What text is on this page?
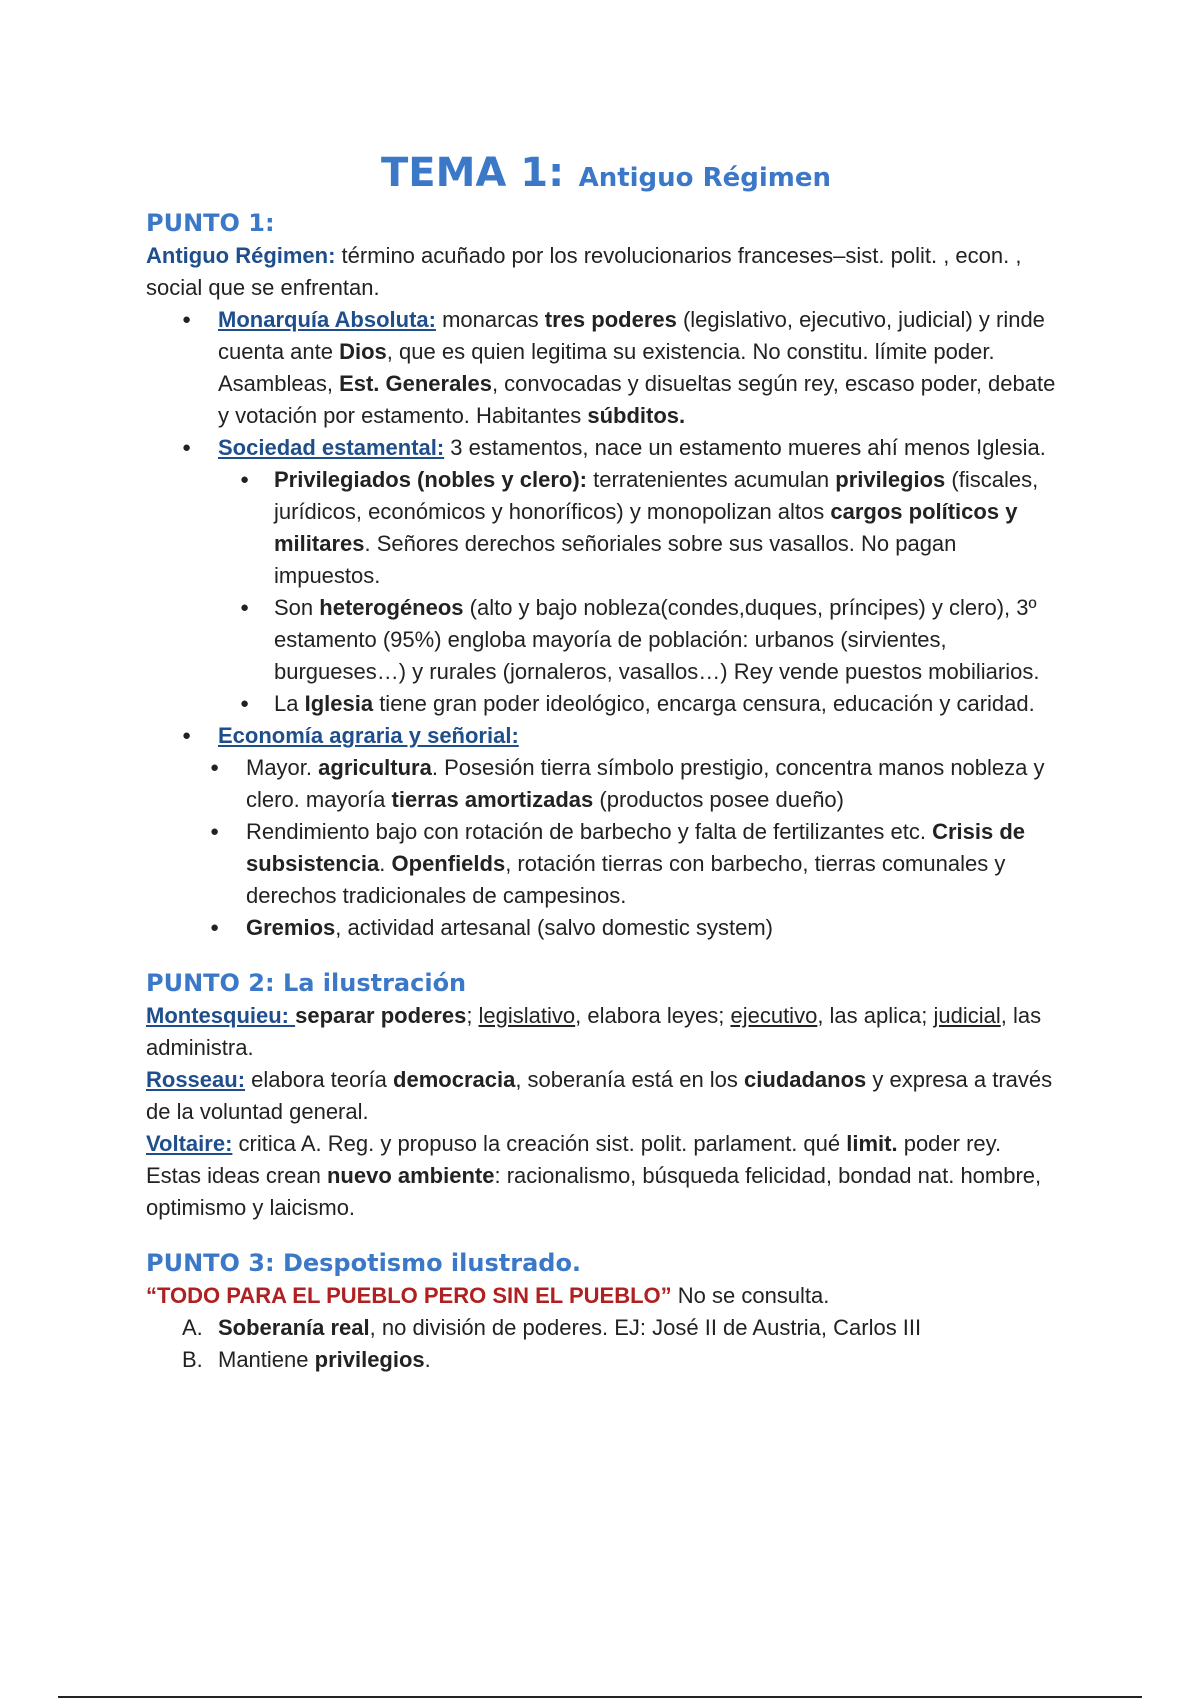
TEMA 1: Antiguo Régimen
PUNTO 1:

Antiguo Régimen: término acuñado por los revolucionarios franceses–sist. polit. , econ. , social que se enfrentan.

● Monarquía Absoluta: monarcas tres poderes (legislativo, ejecutivo, judicial) y rinde cuenta ante Dios, que es quien legitima su existencia. No constitu. límite poder. Asambleas, Est. Generales, convocadas y disueltas según rey, escaso poder, debate y votación por estamento. Habitantes súbditos.
● Sociedad estamental: 3 estamentos, nace un estamento mueres ahí menos Iglesia.
● Privilegiados (nobles y clero): terratenientes acumulan privilegios (fiscales, jurídicos, económicos y honoríficos) y monopolizan altos cargos políticos y militares. Señores derechos señoriales sobre sus vasallos. No pagan impuestos.
● Son heterogéneos (alto y bajo nobleza(condes,duques, príncipes) y clero), 3º estamento (95%) engloba mayoría de población: urbanos (sirvientes, burgueses…) y rurales (jornaleros, vasallos…) Rey vende puestos mobiliarios.
● La Iglesia tiene gran poder ideológico, encarga censura, educación y caridad.
● Economía agraria y señorial:
● Mayor. agricultura. Posesión tierra símbolo prestigio, concentra manos nobleza y clero. mayoría tierras amortizadas (productos posee dueño)
● Rendimiento bajo con rotación de barbecho y falta de fertilizantes etc. Crisis de subsistencia. Openfields, rotación tierras con barbecho, tierras comunales y derechos tradicionales de campesinos.
● Gremios, actividad artesanal (salvo domestic system)
PUNTO 2: La ilustración

Montesquieu: separar poderes; legislativo, elabora leyes; ejecutivo, las aplica; judicial, las administra.

Rosseau: elabora teoría democracia, soberanía está en los ciudadanos y expresa a través de la voluntad general.

Voltaire: critica A. Reg. y propuso la creación sist. polit. parlament. qué limit. poder rey.

Estas ideas crean nuevo ambiente: racionalismo, búsqueda felicidad, bondad nat. hombre, optimismo y laicismo.

PUNTO 3: Despotismo ilustrado.

“TODO PARA EL PUEBLO PERO SIN EL PUEBLO” No se consulta.

A. Soberanía real, no división de poderes. EJ: José II de Austria, Carlos III
B. Mantiene privilegios.
